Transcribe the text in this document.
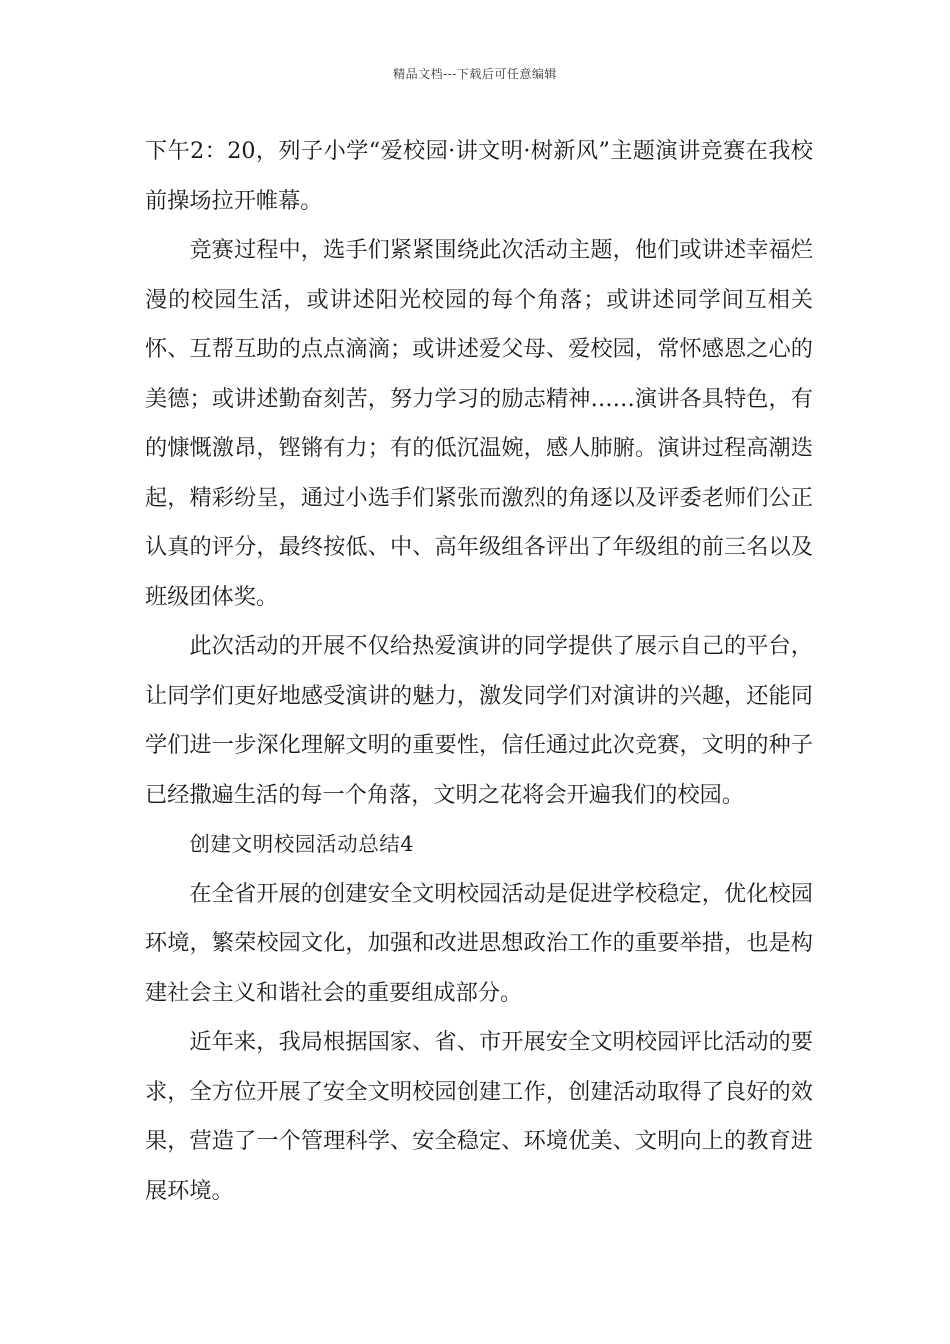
精品文档---下载后可任意编辑

下午2：20，列子小学“爱校园·讲文明·树新风”主题演讲竞赛在我校前操场拉开帷幕。

竞赛过程中，选手们紧紧围绕此次活动主题，他们或讲述幸福烂漫的校园生活，或讲述阳光校园的每个角落；或讲述同学间互相关怀、互帮互助的点点滴滴；或讲述爱父母、爱校园，常怀感恩之心的美德；或讲述勤奋刻苦，努力学习的励志精神……演讲各具特色，有的慷慨激昂，铿锵有力；有的低沉温婉，感人肺腑。演讲过程高潮迭起，精彩纷呈，通过小选手们紧张而激烈的角逐以及评委老师们公正认真的评分，最终按低、中、高年级组各评出了年级组的前三名以及班级团体奖。

此次活动的开展不仅给热爱演讲的同学提供了展示自己的平台，让同学们更好地感受演讲的魅力，激发同学们对演讲的兴趣，还能同学们进一步深化理解文明的重要性，信任通过此次竞赛，文明的种子已经撒遍生活的每一个角落，文明之花将会开遍我们的校园。

创建文明校园活动总结4

在全省开展的创建安全文明校园活动是促进学校稳定，优化校园环境，繁荣校园文化，加强和改进思想政治工作的重要举措，也是构建社会主义和谐社会的重要组成部分。

近年来，我局根据国家、省、市开展安全文明校园评比活动的要求，全方位开展了安全文明校园创建工作，创建活动取得了良好的效果，营造了一个管理科学、安全稳定、环境优美、文明向上的教育进展环境。
